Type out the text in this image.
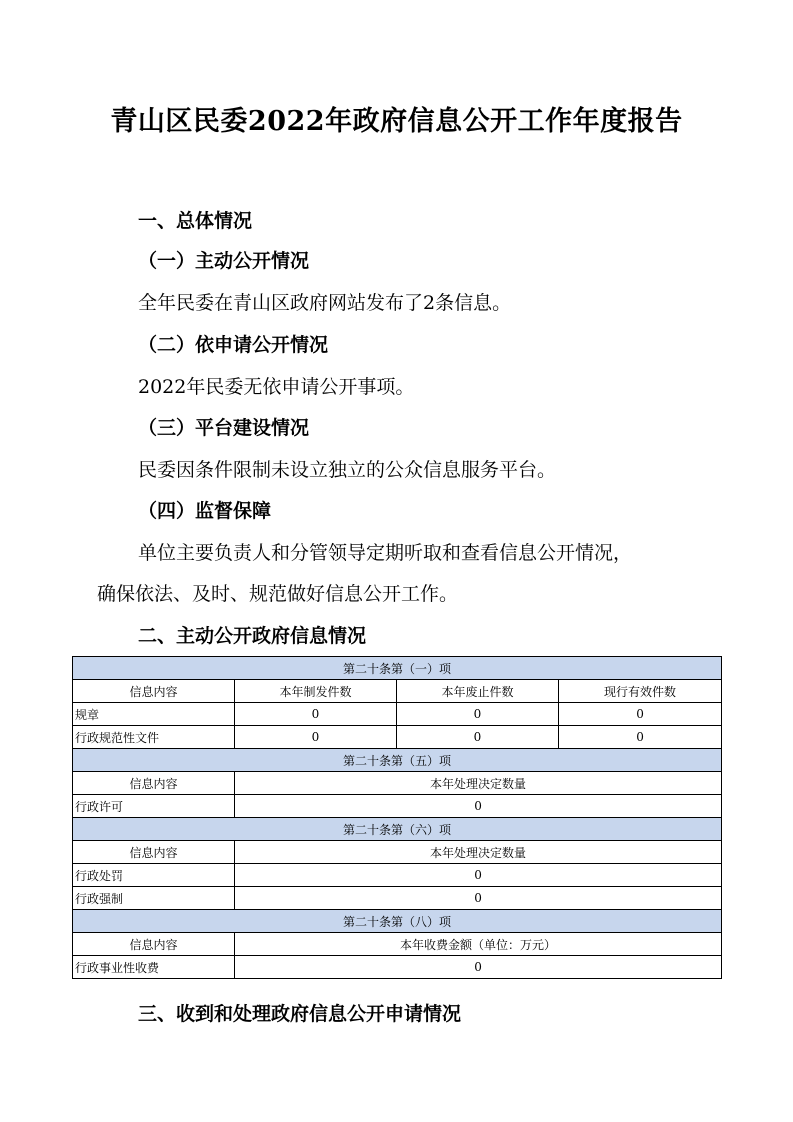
青山区民委2022年政府信息公开工作年度报告
一、总体情况
（一）主动公开情况
全年民委在青山区政府网站发布了2条信息。
（二）依申请公开情况
2022年民委无依申请公开事项。
（三）平台建设情况
民委因条件限制未设立独立的公众信息服务平台。
（四）监督保障
单位主要负责人和分管领导定期听取和查看信息公开情况，
确保依法、及时、规范做好信息公开工作。
二、主动公开政府信息情况
第二十条第（一）项			
信息内容	本年制发件数	本年废止件数	现行有效件数
规章	0	0	0
行政规范性文件	0	0	0
第二十条第（五）项			
信息内容	本年处理决定数量		
行政许可	0		
第二十条第（六）项			
信息内容	本年处理决定数量		
行政处罚	0		
行政强制	0		
第二十条第（八）项			
信息内容	本年收费金额（单位：万元）		
行政事业性收费	0		
三、收到和处理政府信息公开申请情况
